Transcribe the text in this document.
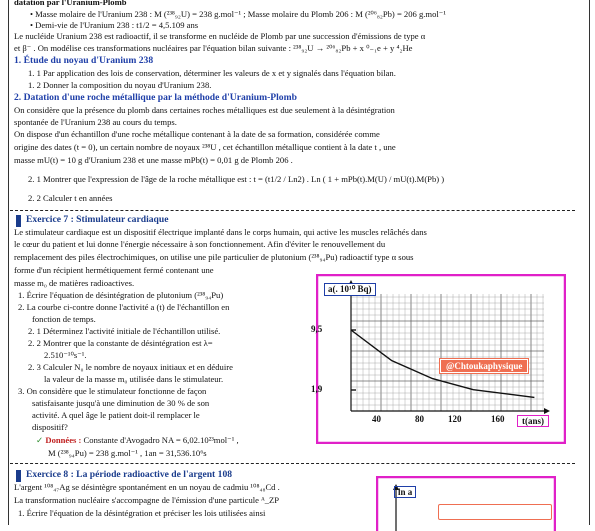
datation par l'Uranium-Plomb
• Masse molaire de l'Uranium 238 : M (²³⁸₉₂U) = 238 g.mol⁻¹ ; Masse molaire du Plomb 206 : M (²⁰⁶₈₂Pb) = 206 g.mol⁻¹
• Demi-vie de l'Uranium 238 : t1/2 = 4,5.109 ans
Le nucléide Uranium 238 est radioactif, il se transforme en nucléide de Plomb par une succession d'émissions de type α
et β⁻ . On modélise ces transformations nucléaires par l'équation bilan suivante : ²³⁸₉₂U → ²⁰⁶₈₂Pb + x ⁰₋₁e + y ⁴₂He
1. Étude du noyau d'Uranium 238
1. 1 Par application des lois de conservation, déterminer les valeurs de x et y signalés dans l'équation bilan.
1. 2 Donner la composition du noyau d'Uranium 238.
2. Datation d'une roche métallique par la méthode d'Uranium-Plomb
On considère que la présence du plomb dans certaines roches métalliques est due seulement à la désintégration
spontanée de l'Uranium 238 au cours du temps.
On dispose d'un échantillon d'une roche métallique contenant à la date de sa formation, considérée comme
origine des dates (t = 0), un certain nombre de noyaux ²³⁸U , cet échantillon métallique contient à la date t , une
masse mU(t) = 10 g d'Uranium 238 et une masse mPb(t) = 0,01 g de Plomb 206 .
2. 1 Montrer que l'expression de l'âge de la roche métallique est : t = (t1/2 / Ln2) . Ln ( 1 + mPb(t).M(U) / mU(t).M(Pb) )
2. 2 Calculer t en années
Exercice 7 : Stimulateur cardiaque
Le stimulateur cardiaque est un dispositif électrique implanté dans le corps humain, qui active les muscles relâchés dans
le cœur du patient et lui donne l'énergie nécessaire à son fonctionnement. Afin d'éviter le renouvellement du
remplacement des piles électrochimiques, on utilise une pile particulier de plutonium (²³⁸₉₄Pu) radioactif type α sous
forme d'un récipient hermétiquement fermé contenant une
masse m₀ de matières radioactives.
1. Écrire l'équation de désintégration de plutonium (²³⁸₉₄Pu)
2. La courbe ci-contre donne l'activité a (t) de l'échantillon en
fonction de temps.
2. 1 Déterminez l'activité initiale de l'échantillon utilisé.
2. 2 Montrer que la constante de désintégration est λ=
2.510⁻¹⁰s⁻¹.
2. 3 Calculer N₀ le nombre de noyaux initiaux et en déduire
la valeur de la masse m₀ utilisée dans le stimulateur.
3. On considère que le stimulateur fonctionne de façon
satisfaisante jusqu'à une diminution de 30 % de son
activité. A quel âge le patient doit-il remplacer le
dispositif?
✓ Données : Constante d'Avogadro NA = 6,02.10²³mol⁻¹ ,
M (²³⁸₉₄Pu) = 238 g.mol⁻¹ , 1an = 31,536.10⁶s
a(. 10¹⁰ Bq)
9,5
1,9
40	80	120	160
@Chtoukaphysique
t(ans)
Exercice 8 : La période radioactive de l'argent 108
L'argent ¹⁰⁸₄₇Ag se désintègre spontanément en un noyau de cadmiu ¹⁰⁸₄₈Cd .
La transformation nucléaire s'accompagne de l'émission d'une particule ᴬ_ZP
1. Écrire l'équation de la désintégration et préciser les lois utilisées ainsi
ln a
